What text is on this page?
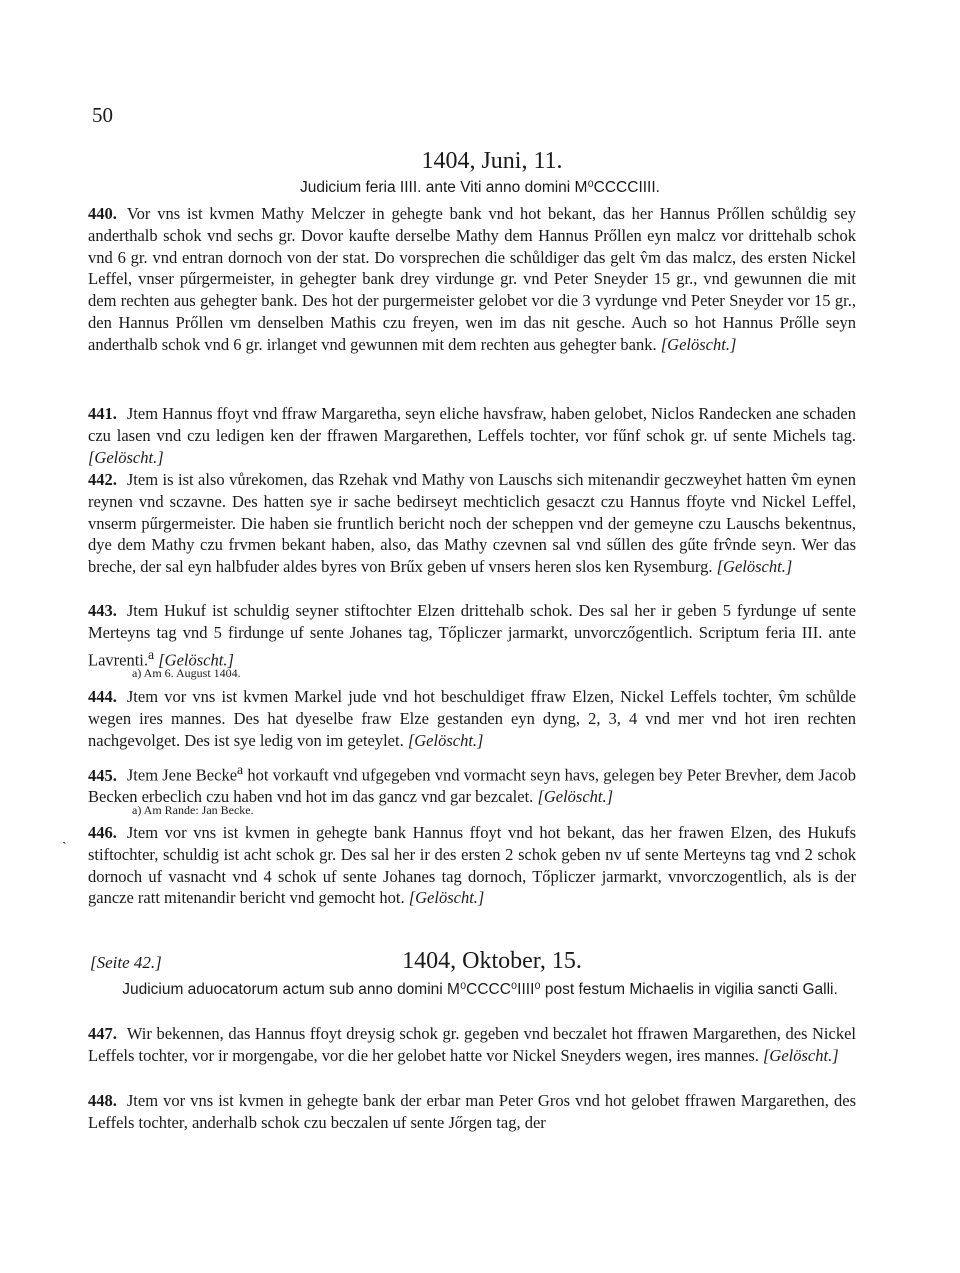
50
1404, Juni, 11.
Judicium feria IIII. ante Viti anno domini M⁰CCCCIIII.
440. Vor vns ist kvmen Mathy Melczer in gehegte bank vnd hot bekant, das her Hannus Prőllen schůldig sey anderthalb schok vnd sechs gr. Dovor kaufte derselbe Mathy dem Hannus Prőllen eyn malcz vor drittehalb schok vnd 6 gr. vnd entran dornoch von der stat. Do vorsprechen die schůldiger das gelt v̂m das malcz, des ersten Nickel Leffel, vnser pűrgermeister, in gehegter bank drey virdunge gr. vnd Peter Sneyder 15 gr., vnd gewunnen die mit dem rechten aus gehegter bank. Des hot der purgermeister gelobet vor die 3 vyrdunge vnd Peter Sneyder vor 15 gr., den Hannus Prőllen vm denselben Mathis czu freyen, wen im das nit gesche. Auch so hot Hannus Prőlle seyn anderthalb schok vnd 6 gr. irlanget vnd gewunnen mit dem rechten aus gehegter bank. [Gelöscht.]
441. Jtem Hannus ffoyt vnd ffraw Margaretha, seyn eliche havsfraw, haben gelobet, Niclos Randecken ane schaden czu lasen vnd czu ledigen ken der ffrawen Margarethen, Leffels tochter, vor fűnf schok gr. uf sente Michels tag. [Gelöscht.]
442. Jtem is ist also vůrekomen, das Rzehak vnd Mathy von Lauschs sich mitenandir geczweyhet hatten v̂m eynen reynen vnd sczavne. Des hatten sye ir sache bedirseyt mechticlich gesaczt czu Hannus ffoyte vnd Nickel Leffel, vnserm pűrgermeister. Die haben sie fruntlich bericht noch der scheppen vnd der gemeyne czu Lauschs bekentnus, dye dem Mathy czu frvmen bekant haben, also, das Mathy czevnen sal vnd sűllen des gűte frv̂nde seyn. Wer das breche, der sal eyn halbfuder aldes byres von Brűx geben uf vnsers heren slos ken Rysemburg. [Gelöscht.]
443. Jtem Hukuf ist schuldig seyner stiftochter Elzen drittehalb schok. Des sal her ir geben 5 fyrdunge uf sente Merteyns tag vnd 5 firdunge uf sente Johanes tag, Tőpliczer jarmarkt, unvorczőgentlich. Scriptum feria III. ante Lavrenti.$^a$ [Gelöscht.]
a) Am 6. August 1404.
444. Jtem vor vns ist kvmen Markel jude vnd hot beschuldiget ffraw Elzen, Nickel Leffels tochter, v̂m schůlde wegen ires mannes. Des hat dyeselbe fraw Elze gestanden eyn dyng, 2, 3, 4 vnd mer vnd hot iren rechten nachgevolget. Des ist sye ledig von im geteylet. [Gelöscht.]
445. Jtem Jene Becke$^a$ hot vorkauft vnd ufgegeben vnd vormacht seyn havs, gelegen bey Peter Brevher, dem Jacob Becken erbeclich czu haben vnd hot im das gancz vnd gar bezcalet. [Gelöscht.]
a) Am Rande: Jan Becke.
ˏ 446. Jtem vor vns ist kvmen in gehegte bank Hannus ffoyt vnd hot bekant, das her frawen Elzen, des Hukufs stiftochter, schuldig ist acht schok gr. Des sal her ir des ersten 2 schok geben nv uf sente Merteyns tag vnd 2 schok dornoch uf vasnacht vnd 4 schok uf sente Johanes tag dornoch, Tőpliczer jarmarkt, vnvorczogentlich, als is der gancze ratt mitenandir bericht vnd gemocht hot. [Gelöscht.]
[Seite 42.]	1404, Oktober, 15.
Judicium aduocatorum actum sub anno domini M⁰CCCC⁰IIII⁰ post festum Michaelis in vigilia sancti Galli.
447. Wir bekennen, das Hannus ffoyt dreysig schok gr. gegeben vnd beczalet hot ffrawen Margarethen, des Nickel Leffels tochter, vor ir morgengabe, vor die her gelobet hatte vor Nickel Sneyders wegen, ires mannes. [Gelöscht.]
448. Jtem vor vns ist kvmen in gehegte bank der erbar man Peter Gros vnd hot gelobet ffrawen Margarethen, des Leffels tochter, anderhalb schok czu beczalen uf sente Jőrgen tag, der
